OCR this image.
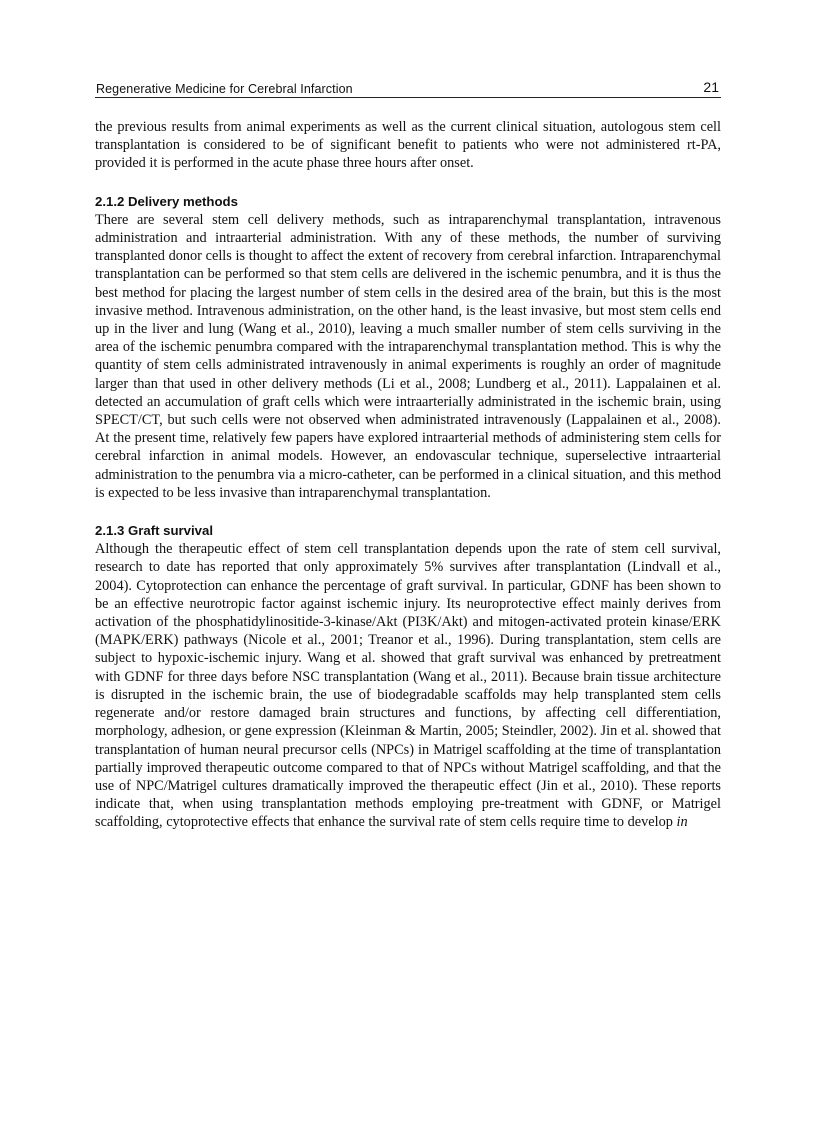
Regenerative Medicine for Cerebral Infarction	21

the previous results from animal experiments as well as the current clinical situation, autologous stem cell transplantation is considered to be of significant benefit to patients who were not administered rt-PA, provided it is performed in the acute phase three hours after onset.

2.1.2 Delivery methods

There are several stem cell delivery methods, such as intraparenchymal transplantation, intravenous administration and intraarterial administration. With any of these methods, the number of surviving transplanted donor cells is thought to affect the extent of recovery from cerebral infarction. Intraparenchymal transplantation can be performed so that stem cells are delivered in the ischemic penumbra, and it is thus the best method for placing the largest number of stem cells in the desired area of the brain, but this is the most invasive method. Intravenous administration, on the other hand, is the least invasive, but most stem cells end up in the liver and lung (Wang et al., 2010), leaving a much smaller number of stem cells surviving in the area of the ischemic penumbra compared with the intraparenchymal transplantation method. This is why the quantity of stem cells administrated intravenously in animal experiments is roughly an order of magnitude larger than that used in other delivery methods (Li et al., 2008; Lundberg et al., 2011). Lappalainen et al. detected an accumulation of graft cells which were intraarterially administrated in the ischemic brain, using SPECT/CT, but such cells were not observed when administrated intravenously (Lappalainen et al., 2008). At the present time, relatively few papers have explored intraarterial methods of administering stem cells for cerebral infarction in animal models. However, an endovascular technique, superselective intraarterial administration to the penumbra via a micro-catheter, can be performed in a clinical situation, and this method is expected to be less invasive than intraparenchymal transplantation.

2.1.3 Graft survival

Although the therapeutic effect of stem cell transplantation depends upon the rate of stem cell survival, research to date has reported that only approximately 5% survives after transplantation (Lindvall et al., 2004). Cytoprotection can enhance the percentage of graft survival. In particular, GDNF has been shown to be an effective neurotropic factor against ischemic injury. Its neuroprotective effect mainly derives from activation of the phosphatidylinositide-3-kinase/Akt (PI3K/Akt) and mitogen-activated protein kinase/ERK (MAPK/ERK) pathways (Nicole et al., 2001; Treanor et al., 1996). During transplantation, stem cells are subject to hypoxic-ischemic injury. Wang et al. showed that graft survival was enhanced by pretreatment with GDNF for three days before NSC transplantation (Wang et al., 2011). Because brain tissue architecture is disrupted in the ischemic brain, the use of biodegradable scaffolds may help transplanted stem cells regenerate and/or restore damaged brain structures and functions, by affecting cell differentiation, morphology, adhesion, or gene expression (Kleinman & Martin, 2005; Steindler, 2002). Jin et al. showed that transplantation of human neural precursor cells (NPCs) in Matrigel scaffolding at the time of transplantation partially improved therapeutic outcome compared to that of NPCs without Matrigel scaffolding, and that the use of NPC/Matrigel cultures dramatically improved the therapeutic effect (Jin et al., 2010). These reports indicate that, when using transplantation methods employing pre-treatment with GDNF, or Matrigel scaffolding, cytoprotective effects that enhance the survival rate of stem cells require time to develop in
